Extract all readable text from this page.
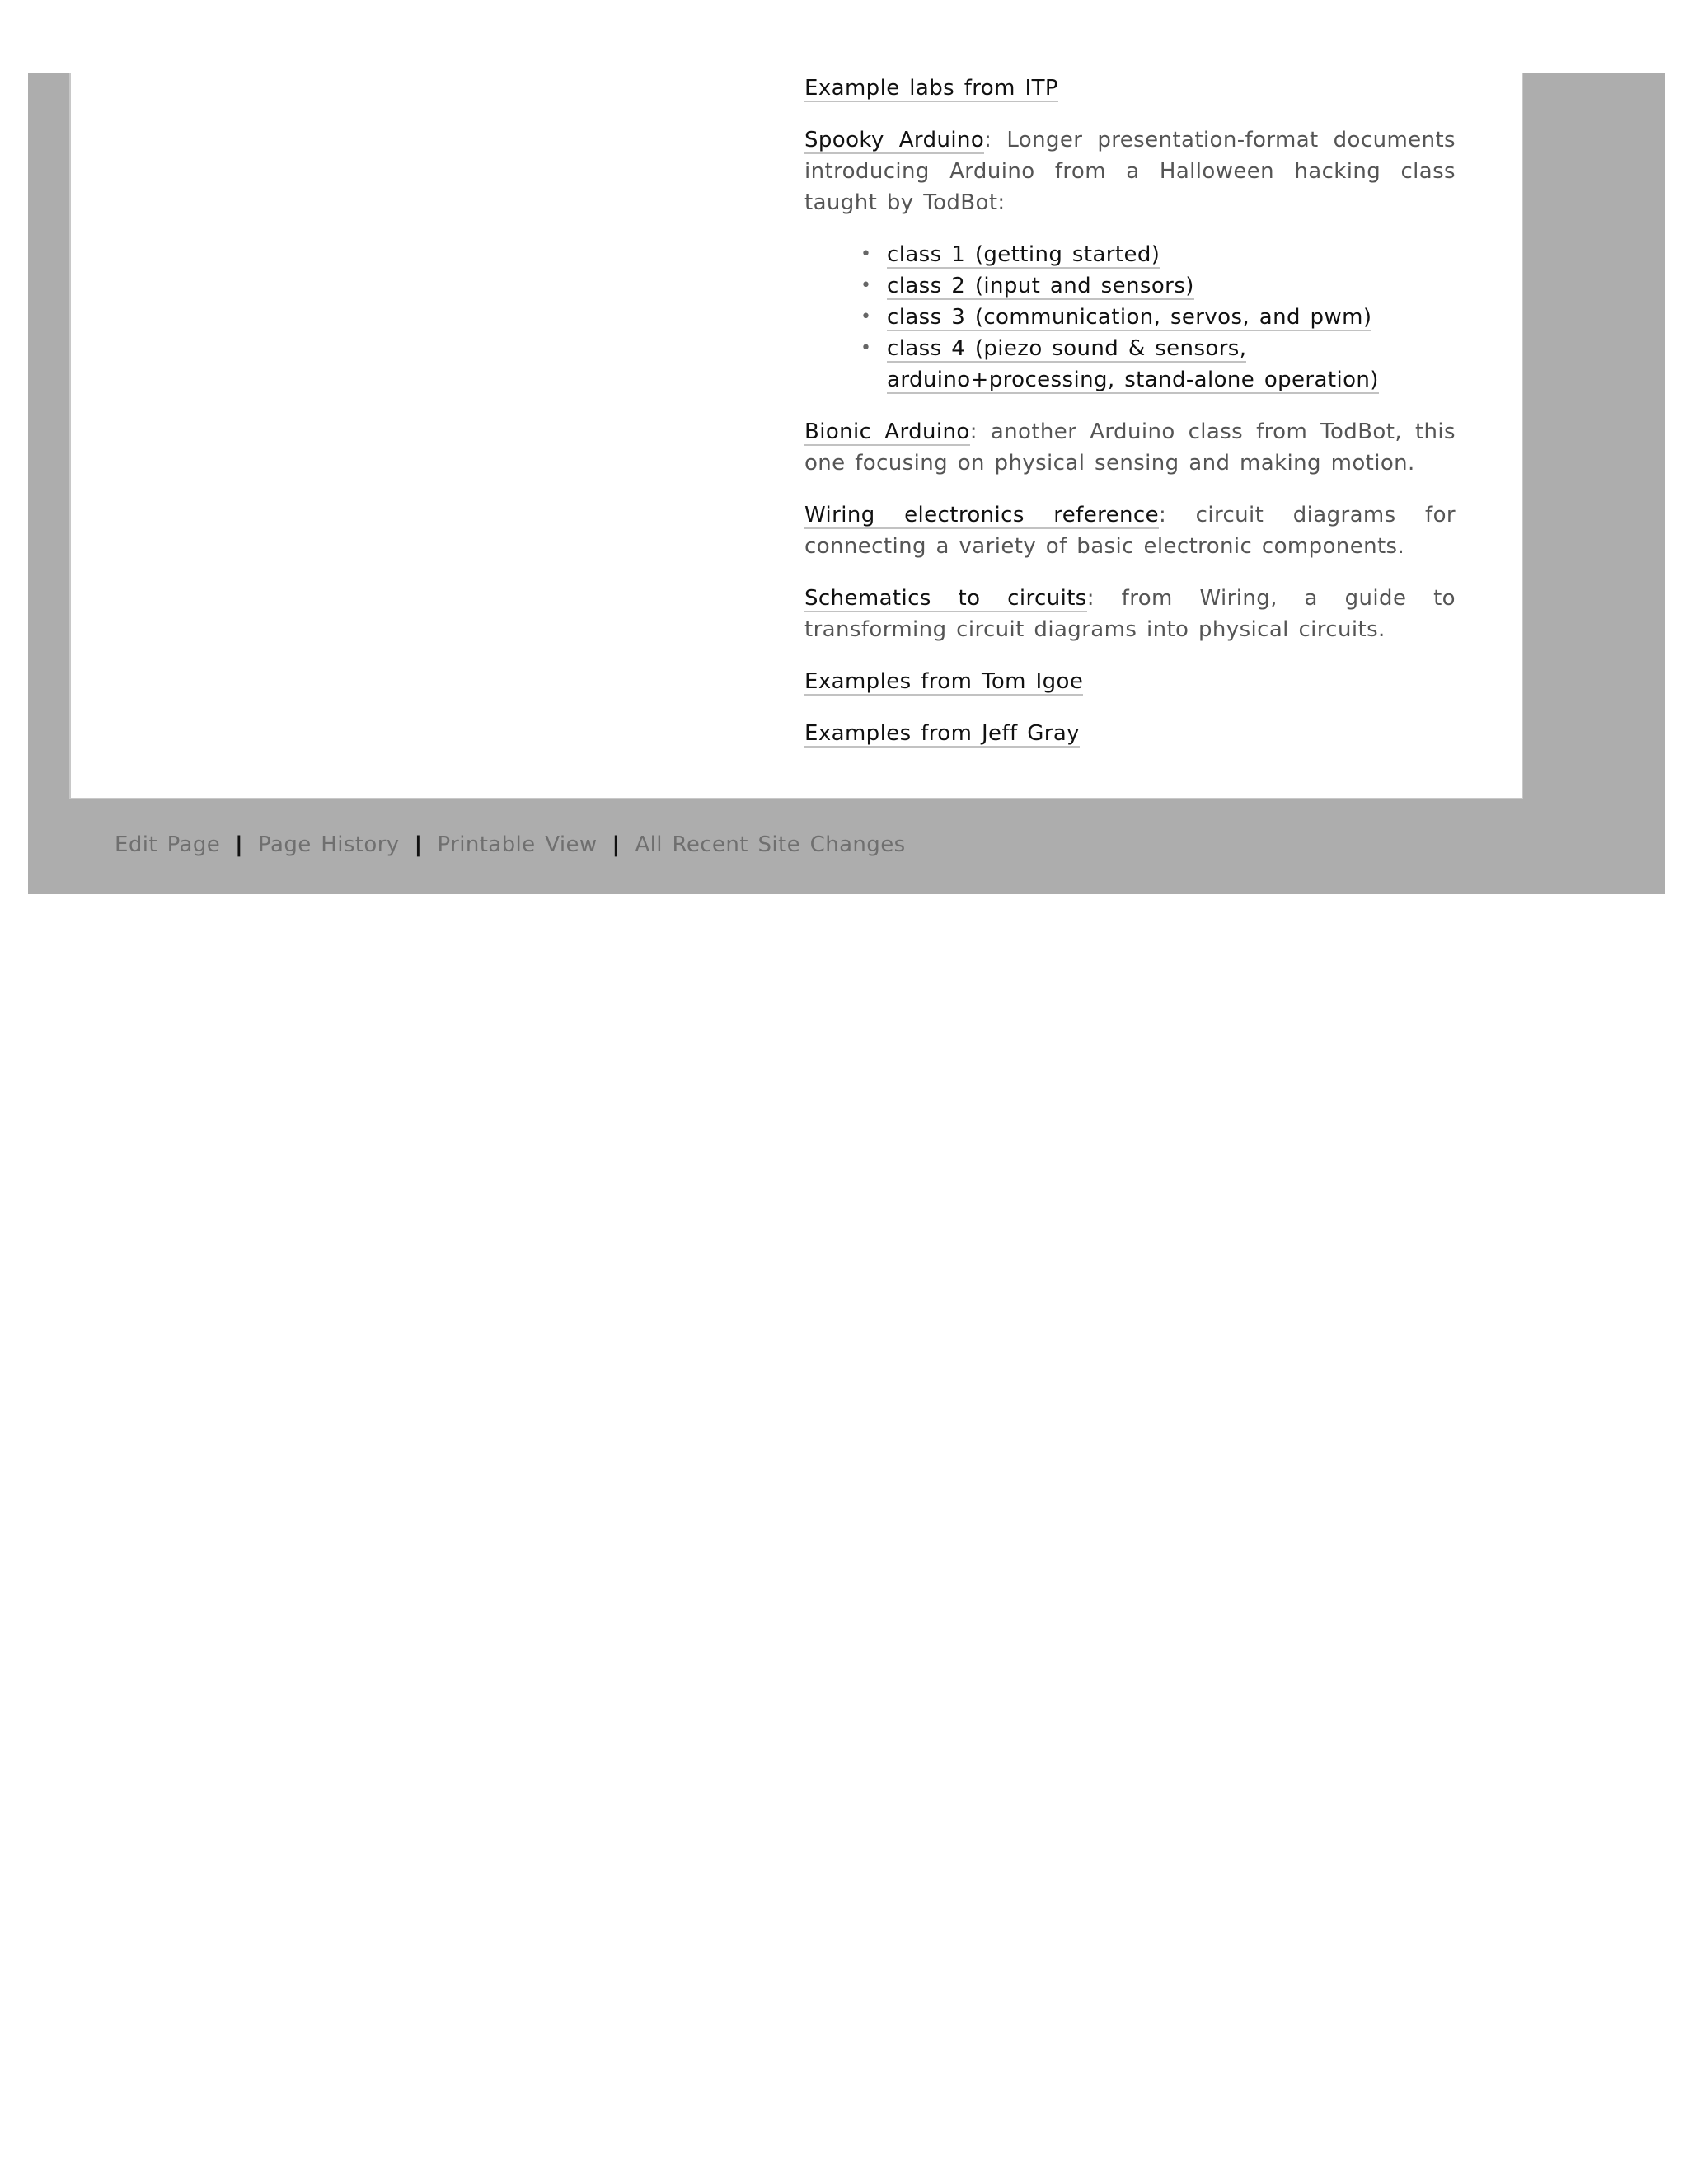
Example labs from ITP

Spooky Arduino: Longer presentation-format documents introducing Arduino from a Halloween hacking class taught by TodBot:

• class 1 (getting started)
• class 2 (input and sensors)
• class 3 (communication, servos, and pwm)
• class 4 (piezo sound & sensors, arduino+processing, stand-alone operation)

Bionic Arduino: another Arduino class from TodBot, this one focusing on physical sensing and making motion.

Wiring electronics reference: circuit diagrams for connecting a variety of basic electronic components.

Schematics to circuits: from Wiring, a guide to transforming circuit diagrams into physical circuits.

Examples from Tom Igoe

Examples from Jeff Gray

Edit Page | Page History | Printable View | All Recent Site Changes
